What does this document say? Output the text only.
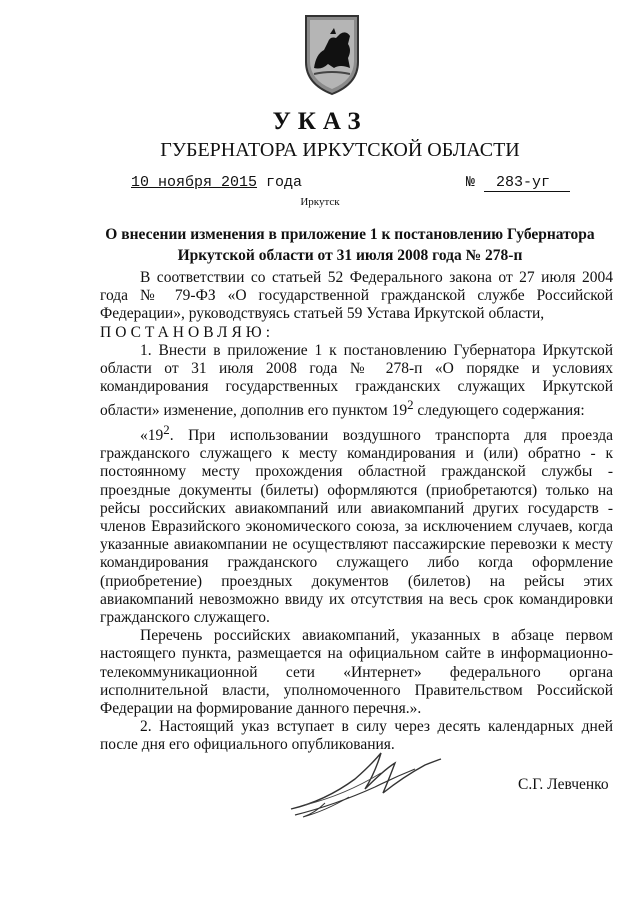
УКАЗ
ГУБЕРНАТОРА ИРКУТСКОЙ ОБЛАСТИ
10 ноября 2015 года	№ 283-уг
Иркутск
О внесении изменения в приложение 1 к постановлению Губернатора
Иркутской области от 31 июля 2008 года № 278-п

В соответствии со статьей 52 Федерального закона от 27 июля 2004 года № 79-ФЗ «О государственной гражданской службе Российской Федерации», руководствуясь статьей 59 Устава Иркутской области,

ПОСТАНОВЛЯЮ:

1. Внести в приложение 1 к постановлению Губернатора Иркутской области от 31 июля 2008 года № 278-п «О порядке и условиях командирования государственных гражданских служащих Иркутской области» изменение, дополнив его пунктом $19^2$ следующего содержания:

«$19^2$. При использовании воздушного транспорта для проезда гражданского служащего к месту командирования и (или) обратно - к постоянному месту прохождения областной гражданской службы - проездные документы (билеты) оформляются (приобретаются) только на рейсы российских авиакомпаний или авиакомпаний других государств - членов Евразийского экономического союза, за исключением случаев, когда указанные авиакомпании не осуществляют пассажирские перевозки к месту командирования гражданского служащего либо когда оформление (приобретение) проездных документов (билетов) на рейсы этих авиакомпаний невозможно ввиду их отсутствия на весь срок командировки гражданского служащего.

Перечень российских авиакомпаний, указанных в абзаце первом настоящего пункта, размещается на официальном сайте в информационно-телекоммуникационной сети «Интернет» федерального органа исполнительной власти, уполномоченного Правительством Российской Федерации на формирование данного перечня.».

2. Настоящий указ вступает в силу через десять календарных дней после дня его официального опубликования.

С.Г. Левченко
